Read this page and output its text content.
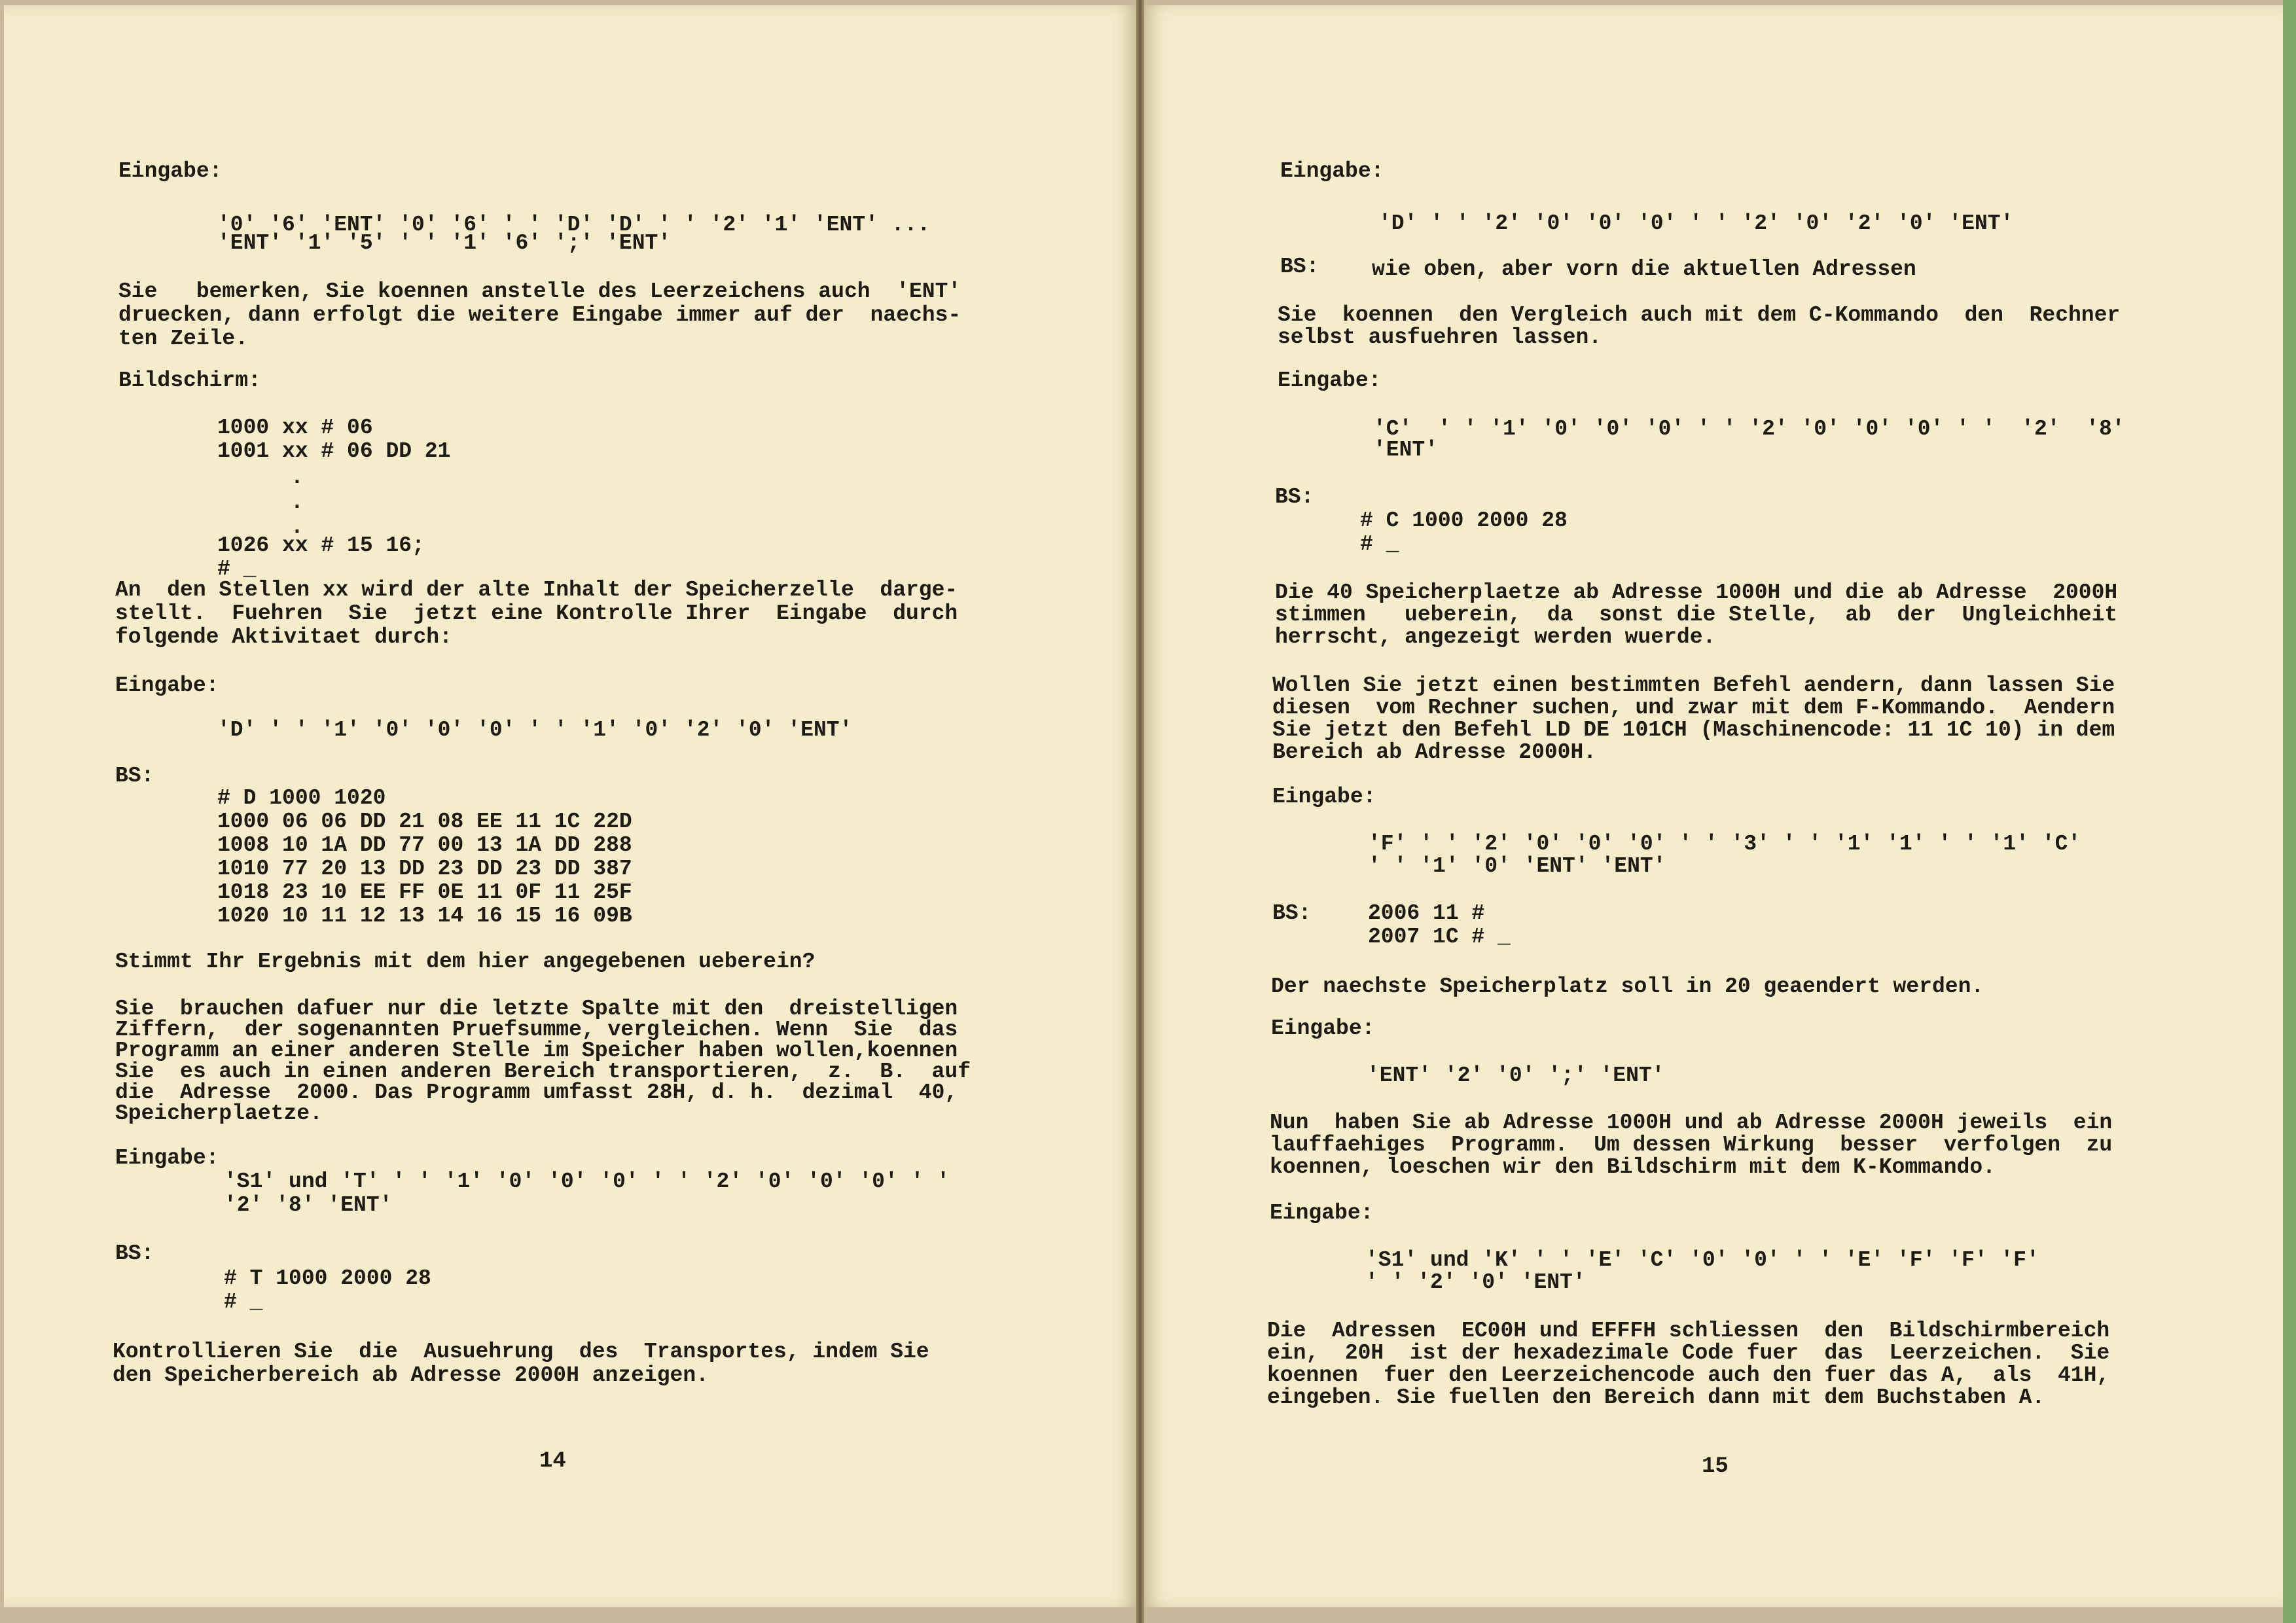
Eingabe:
'0' '6' 'ENT' '0' '6' ' ' 'D' 'D' ' ' '2' '1' 'ENT' ...
'ENT' '1' '5' ' ' '1' '6' ';' 'ENT'
Sie   bemerken, Sie koennen anstelle des Leerzeichens auch  'ENT'
druecken, dann erfolgt die weitere Eingabe immer auf der  naechs-
ten Zeile.
Bildschirm:
1000 xx # 06
1001 xx # 06 DD 21
.
.
.
1026 xx # 15 16;
# _
An  den Stellen xx wird der alte Inhalt der Speicherzelle  darge-
stellt.  Fuehren  Sie  jetzt eine Kontrolle Ihrer  Eingabe  durch
folgende Aktivitaet durch:
Eingabe:
'D' ' ' '1' '0' '0' '0' ' ' '1' '0' '2' '0' 'ENT'
BS:
# D 1000 1020
1000 06 06 DD 21 08 EE 11 1C 22D
1008 10 1A DD 77 00 13 1A DD 288
1010 77 20 13 DD 23 DD 23 DD 387
1018 23 10 EE FF 0E 11 0F 11 25F
1020 10 11 12 13 14 16 15 16 09B
Stimmt Ihr Ergebnis mit dem hier angegebenen ueberein?
Sie  brauchen dafuer nur die letzte Spalte mit den  dreistelligen
Ziffern,  der sogenannten Pruefsumme, vergleichen. Wenn  Sie  das
Programm an einer anderen Stelle im Speicher haben wollen,koennen
Sie  es auch in einen anderen Bereich transportieren,  z.  B.  auf
die  Adresse  2000. Das Programm umfasst 28H, d. h.  dezimal  40,
Speicherplaetze.
Eingabe:
'S1' und 'T' ' ' '1' '0' '0' '0' ' ' '2' '0' '0' '0' ' '
'2' '8' 'ENT'
BS:
# T 1000 2000 28
# _
Kontrollieren Sie  die  Ausuehrung  des  Transportes, indem Sie
den Speicherbereich ab Adresse 2000H anzeigen.
14
Eingabe:
'D' ' ' '2' '0' '0' '0' ' ' '2' '0' '2' '0' 'ENT'
BS: wie oben, aber vorn die aktuellen Adressen
Sie  koennen  den Vergleich auch mit dem C-Kommando  den  Rechner
selbst ausfuehren lassen.
Eingabe:
'C'  ' ' '1' '0' '0' '0' ' ' '2' '0' '0' '0' ' '  '2'  '8'
'ENT'
BS:
# C 1000 2000 28
# _
Die 40 Speicherplaetze ab Adresse 1000H und die ab Adresse  2000H
stimmen   ueberein,  da  sonst die Stelle,  ab  der  Ungleichheit
herrscht, angezeigt werden wuerde.
Wollen Sie jetzt einen bestimmten Befehl aendern, dann lassen Sie
diesen  vom Rechner suchen, und zwar mit dem F-Kommando.  Aendern
Sie jetzt den Befehl LD DE 101CH (Maschinencode: 11 1C 10) in dem
Bereich ab Adresse 2000H.
Eingabe:
'F' ' ' '2' '0' '0' '0' ' ' '3' ' ' '1' '1' ' ' '1' 'C'
' ' '1' '0' 'ENT' 'ENT'
BS:	2006 11 #
2007 1C # _
Der naechste Speicherplatz soll in 20 geaendert werden.
Eingabe:
'ENT' '2' '0' ';' 'ENT'
Nun  haben Sie ab Adresse 1000H und ab Adresse 2000H jeweils  ein
lauffaehiges  Programm.  Um dessen Wirkung  besser  verfolgen  zu
koennen, loeschen wir den Bildschirm mit dem K-Kommando.
Eingabe:
'S1' und 'K' ' ' 'E' 'C' '0' '0' ' ' 'E' 'F' 'F' 'F'
' ' '2' '0' 'ENT'
Die  Adressen  EC00H und EFFFH schliessen  den  Bildschirmbereich
ein,  20H  ist der hexadezimale Code fuer  das  Leerzeichen.  Sie
koennen  fuer den Leerzeichencode auch den fuer das A,  als  41H,
eingeben. Sie fuellen den Bereich dann mit dem Buchstaben A.
15
